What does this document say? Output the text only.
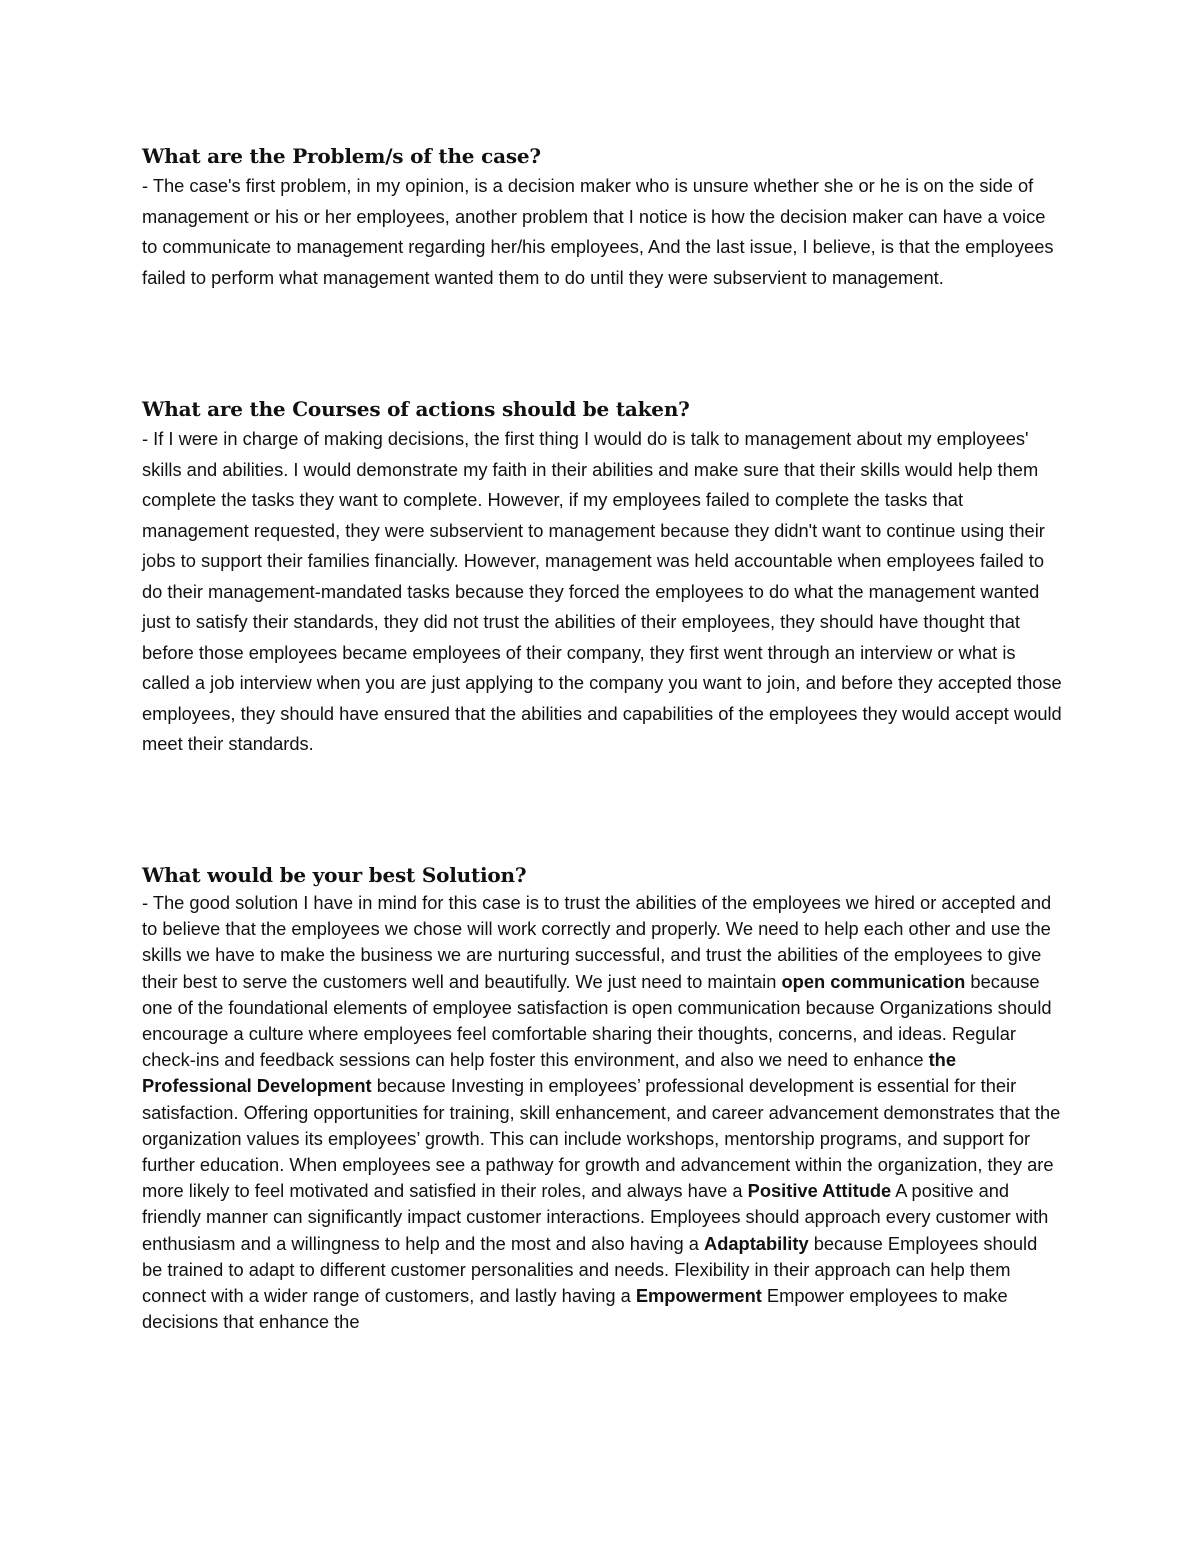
What are the Problem/s of the case?

- The case's first problem, in my opinion, is a decision maker who is unsure whether she or he is on the side of management or his or her employees, another problem that I notice is how the decision maker can have a voice to communicate to management regarding her/his employees, And the last issue, I believe, is that the employees failed to perform what management wanted them to do until they were subservient to management.

What are the Courses of actions should be taken?

- If I were in charge of making decisions, the first thing I would do is talk to management about my employees' skills and abilities. I would demonstrate my faith in their abilities and make sure that their skills would help them complete the tasks they want to complete. However, if my employees failed to complete the tasks that management requested, they were subservient to management because they didn't want to continue using their jobs to support their families financially. However, management was held accountable when employees failed to do their management-mandated tasks because they forced the employees to do what the management wanted just to satisfy their standards, they did not trust the abilities of their employees, they should have thought that before those employees became employees of their company, they first went through an interview or what is called a job interview when you are just applying to the company you want to join, and before they accepted those employees, they should have ensured that the abilities and capabilities of the employees they would accept would meet their standards.

What would be your best Solution?

- The good solution I have in mind for this case is to trust the abilities of the employees we hired or accepted and to believe that the employees we chose will work correctly and properly. We need to help each other and use the skills we have to make the business we are nurturing successful, and trust the abilities of the employees to give their best to serve the customers well and beautifully. We just need to maintain open communication because one of the foundational elements of employee satisfaction is open communication because Organizations should encourage a culture where employees feel comfortable sharing their thoughts, concerns, and ideas. Regular check-ins and feedback sessions can help foster this environment, and also we need to enhance the Professional Development because Investing in employees’ professional development is essential for their satisfaction. Offering opportunities for training, skill enhancement, and career advancement demonstrates that the organization values its employees’ growth. This can include workshops, mentorship programs, and support for further education. When employees see a pathway for growth and advancement within the organization, they are more likely to feel motivated and satisfied in their roles, and always have a Positive Attitude A positive and friendly manner can significantly impact customer interactions. Employees should approach every customer with enthusiasm and a willingness to help and the most and also having a Adaptability because Employees should be trained to adapt to different customer personalities and needs. Flexibility in their approach can help them connect with a wider range of customers, and lastly having a Empowerment Empower employees to make decisions that enhance the
